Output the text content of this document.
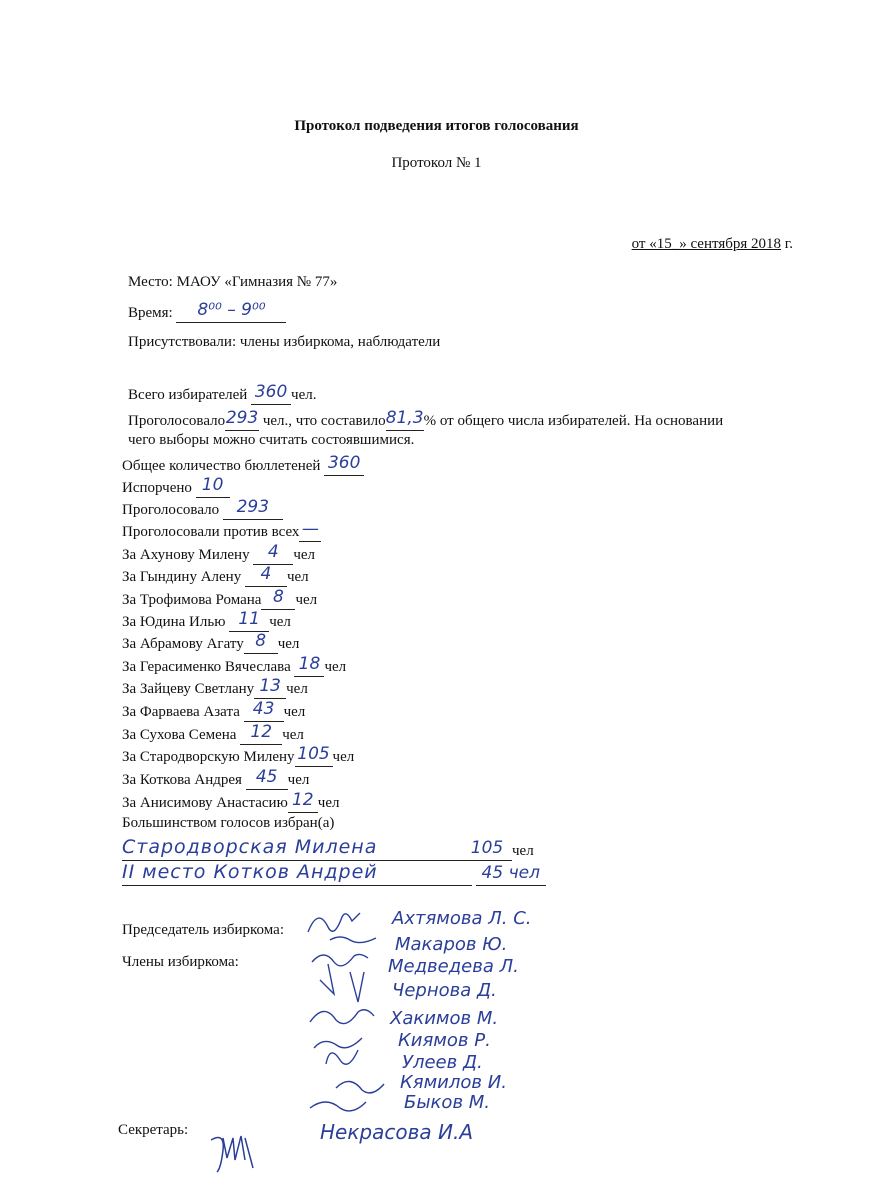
Протокол подведения итогов голосования
Протокол № 1
от «15_» сентября 2018 г.
Место: МАОУ «Гимназия № 77»
Время: 8⁰⁰ – 9⁰⁰
Присутствовали: члены избиркома, наблюдатели
Всего избирателей 360 чел.
Проголосовало293 чел., что составило81,3% от общего числа избирателей. На основании
чего выборы можно считать состоявшимися.
Общее количество бюллетеней 360
Испорчено 10
Проголосовало 293
Проголосовали против всех —
За Ахунову Милену 4 чел
За Гындину Алену 4 чел
За Трофимова Романа 8 чел
За Юдина Илью 11 чел
За Абрамову Агату 8 чел
За Герасименко Вячеслава 18 чел
За Зайцеву Светлану 13 чел
За Фарваева Азата 43 чел
За Сухова Семена 12 чел
За Стародворскую Милену 105 чел
За Коткова Андрея 45 чел
За Анисимову Анастасию 12 чел
Большинством голосов избран(а)
Стародворская Милена	105 чел
II место Котков Андрей	45 чел
Председатель избиркома:
Ахтямова Л. С.
Члены избиркома:
Макаров Ю.
Медведева Л.
Чернова Д.
Хакимов М.
Киямов Р.
Улеев Д.
Кямилов И.
Быков М.
Секретарь:	Некрасова И.А
